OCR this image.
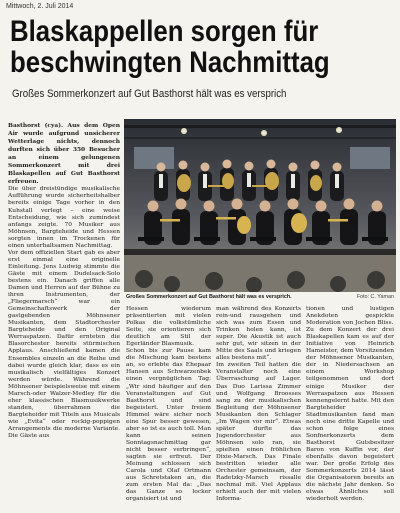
Mittwoch, 2. Juli 2014
Blaskappellen sorgen für
beschwingten Nachmittag
Großes Sommerkonzert auf Gut Basthorst hält was es versprich
Basthorst (cya). Aus dem Open Air wurde aufgrund unsicherer Wetterlage nichts, dennoch durften sich über 350 Besucher an einem gelungenen Sommerkonzert mit drei Blaskapellen auf Gut Basthorst erfreuen.
Die über dreistündige musikalische Aufführung wurde sicherheitshalber bereits einige Tage vorher in den Kuhstall verlegt – eine weise Entscheidung, wie sich zumindest anfangs zeigte. 70 Musiker aus Möhnsen, Bargteheide und Hessen sorgten innen im Trockenen für einen unterhaltsamen Nachmittag.
Vor dem offiziellen Start gab es aber erst einmal eine originelle Einleitung. Jens Ludwig stimmte die Gäste mit einem Dudelsack-Solo bestens ein. Danach griffen alle Damen und Herren auf der Bühne zu ihren Instrumenten, der „Fliegermarsch“ war ein Gemeinschaftswerk der gastgebenden Möhnsener Musikanten, dem Stadtorchester Bargteheide und den Original Werraspatzen. Dafür ernteten die Blasorchester bereits stürmischen Applaus. Anschließend kamen die Ensembles einzeln an die Reihe und dabei wurde gleich klar, dass es ein musikalisch vielfältiges Konzert werden würde. Während die Möhnsener beispielsweise mit einem Marsch-oder Walzer-Medley für die eher klassischen Blasmusikwerke standen, überrahmen die Bargteheider mit Titeln aus Musicals wie „Evita“ oder rockig-poppigen Arrangements die moderne Variante. Die Gäste aus
Großes Sommerkonzert auf Gut Basthorst hält was es versprich.	Foto: C. Yaman
Hessen wiederum präsentierten mit vielen Polkas die volkstümliche Seite, sie orientieren sich deutlich am Stil der Egerländer Blasmusik.
Schon bis zur Pause kam die Mischung kam bestens an, so erlebte das Ehepaar Hansen aus Schwarzenbek einen vergnüglichen Tag: „Wir sind häufiger auf den Veranstaltungen auf Gut Basthorst und sind begeistert. Unter freiem Himmel wäre sicher noch eine Spur besser gewesen, aber so ist es auch toll. Man kann seinen Sonntagsnachmittag gar nicht besser verbringen“, sagten sie erfreut. Der Meinung schlossen sich Carola und Olaf Ortmann aus Schretstaken an, die zum ersten Mal da: „Das das Ganze so locker organisiert ist und
man während des Konzerts rein-und rausgehen und sich was zum Essen und Trinken holen kann, ist super. Die Akustik ist auch sehr gut, wir sitzen in der Mitte des Saals und kriegen alles bestens mit“.
Im zweiten Teil hatten die Veranstalter noch eine Überraschung auf Lager. Das Duo Larissa Zimmer und Wolfgang Broosses sang zu der musikalischen Begleitung der Möhnsener Musikanten den Schlager „Im Wagen vor mir“. Etwas später durfte das Jugendorchester aus Möhnsen solo ran, sie spielten einen fröhlichen Dixie-Marsch. Das Finale bestritten wieder alle Orchester gemeinsam, der Radetzky-Marsch rissalle nochmal mit. Viel Applaus erhielt auch der mit vielen Informa-
tionen und lustigen Anekdoten gespickte Moderation von Jochen Bliss.
Zu dem Konzert der drei Blaskapellen kam es auf der Initiative von Heinrich Hameister, dem Vorsitzenden der Möhnsener Musikanten, der in Niedersachsen an einem Workshop teilgenommen und dort einige Musiker der Werraspatzen aus Hessen kennengelernt hatte. Mit den Bargteheider Stadtmusikanten fand man noch eine dritte Kapelle und schon folge eines Sonfnerkonzerts dem Basthorst Gutsbesitzer Baron von Kuffin vor, der ebenfalls davon begeistert war. Der große Erfolg des Sommerkonzerts 2014 lässt die Organisatoren bereits an die nächste Jahr denken. So etwas Ähnliches soll wiederholt werden.
